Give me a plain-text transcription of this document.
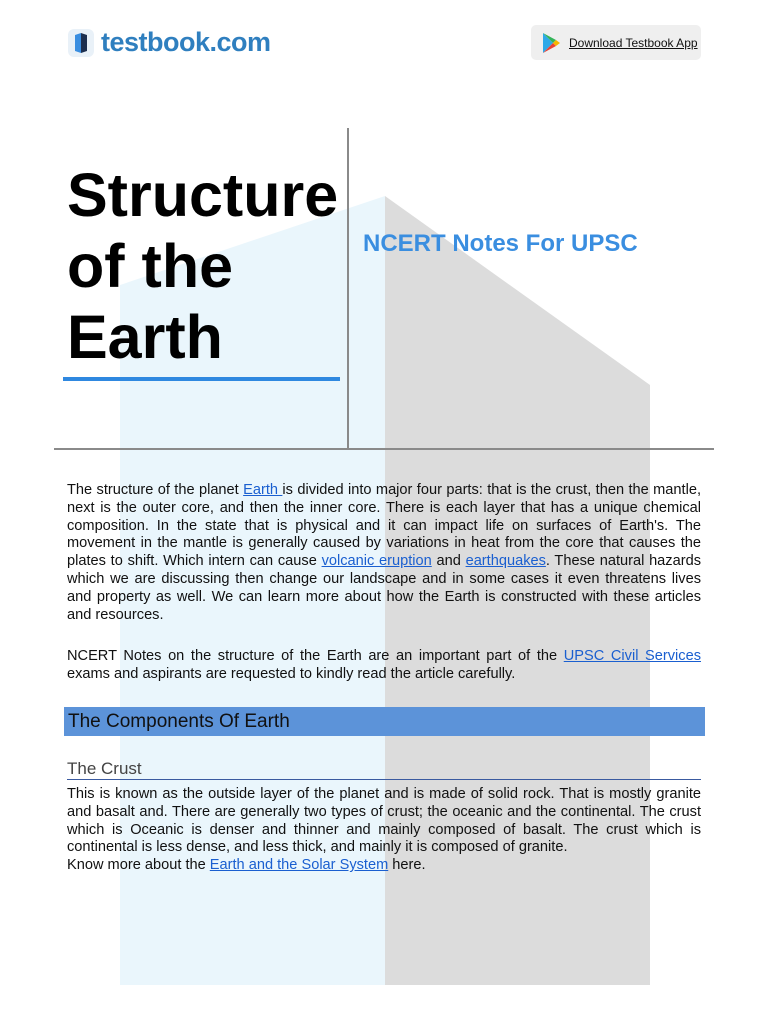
testbook.com	Download Testbook App
Structure
of the
Earth
NCERT Notes For UPSC
The structure of the planet Earth is divided into major four parts: that is the crust, then the mantle, next is the outer core, and then the inner core. There is each layer that has a unique chemical composition. In the state that is physical and it can impact life on surfaces of Earth's. The movement in the mantle is generally caused by variations in heat from the core that causes the plates to shift. Which intern can cause volcanic eruption and earthquakes. These natural hazards which we are discussing then change our landscape and in some cases it even threatens lives and property as well. We can learn more about how the Earth is constructed with these articles and resources.
NCERT Notes on the structure of the Earth are an important part of the UPSC Civil Services exams and aspirants are requested to kindly read the article carefully.
The Components Of Earth
The Crust
This is known as the outside layer of the planet and is made of solid rock. That is mostly granite and basalt and. There are generally two types of crust; the oceanic and the continental. The crust which is Oceanic is denser and thinner and mainly composed of basalt. The crust which is continental is less dense, and less thick, and mainly it is composed of granite.
Know more about the Earth and the Solar System here.
